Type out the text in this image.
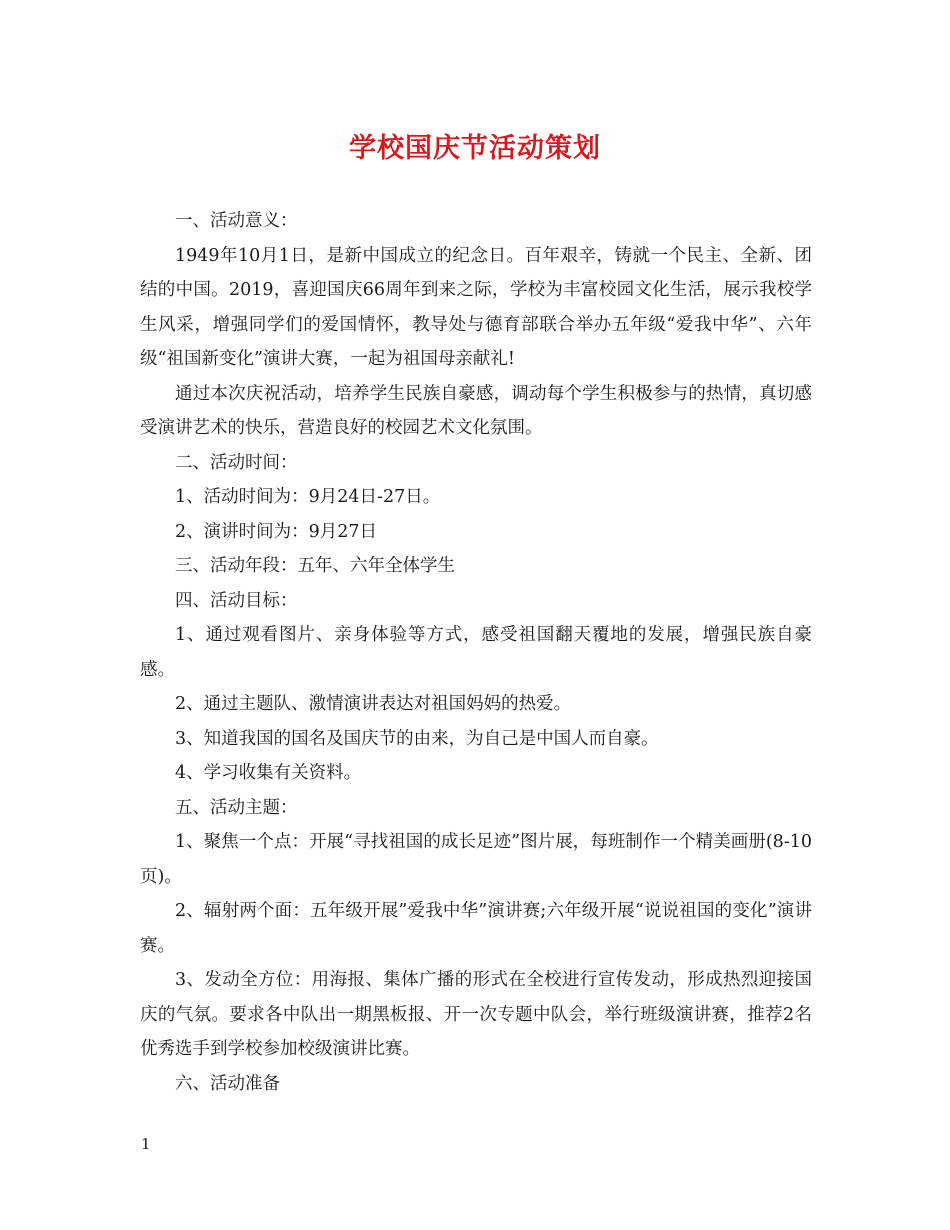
学校国庆节活动策划

一、活动意义：

1949年10月1日，是新中国成立的纪念日。百年艰辛，铸就一个民主、全新、团结的中国。2019，喜迎国庆66周年到来之际，学校为丰富校园文化生活，展示我校学生风采，增强同学们的爱国情怀，教导处与德育部联合举办五年级“爱我中华”、六年级“祖国新变化”演讲大赛，一起为祖国母亲献礼!

通过本次庆祝活动，培养学生民族自豪感，调动每个学生积极参与的热情，真切感受演讲艺术的快乐，营造良好的校园艺术文化氛围。

二、活动时间：

1、活动时间为：9月24日-27日。

2、演讲时间为：9月27日

三、活动年段：五年、六年全体学生

四、活动目标：

1、通过观看图片、亲身体验等方式，感受祖国翻天覆地的发展，增强民族自豪感。

2、通过主题队、激情演讲表达对祖国妈妈的热爱。

3、知道我国的国名及国庆节的由来，为自己是中国人而自豪。

4、学习收集有关资料。

五、活动主题：

1、聚焦一个点：开展“寻找祖国的成长足迹”图片展，每班制作一个精美画册(8-10页)。

2、辐射两个面：五年级开展”爱我中华”演讲赛;六年级开展“说说祖国的变化”演讲赛。

3、发动全方位：用海报、集体广播的形式在全校进行宣传发动，形成热烈迎接国庆的气氛。要求各中队出一期黑板报、开一次专题中队会，举行班级演讲赛，推荐2名优秀选手到学校参加校级演讲比赛。

六、活动准备

1
